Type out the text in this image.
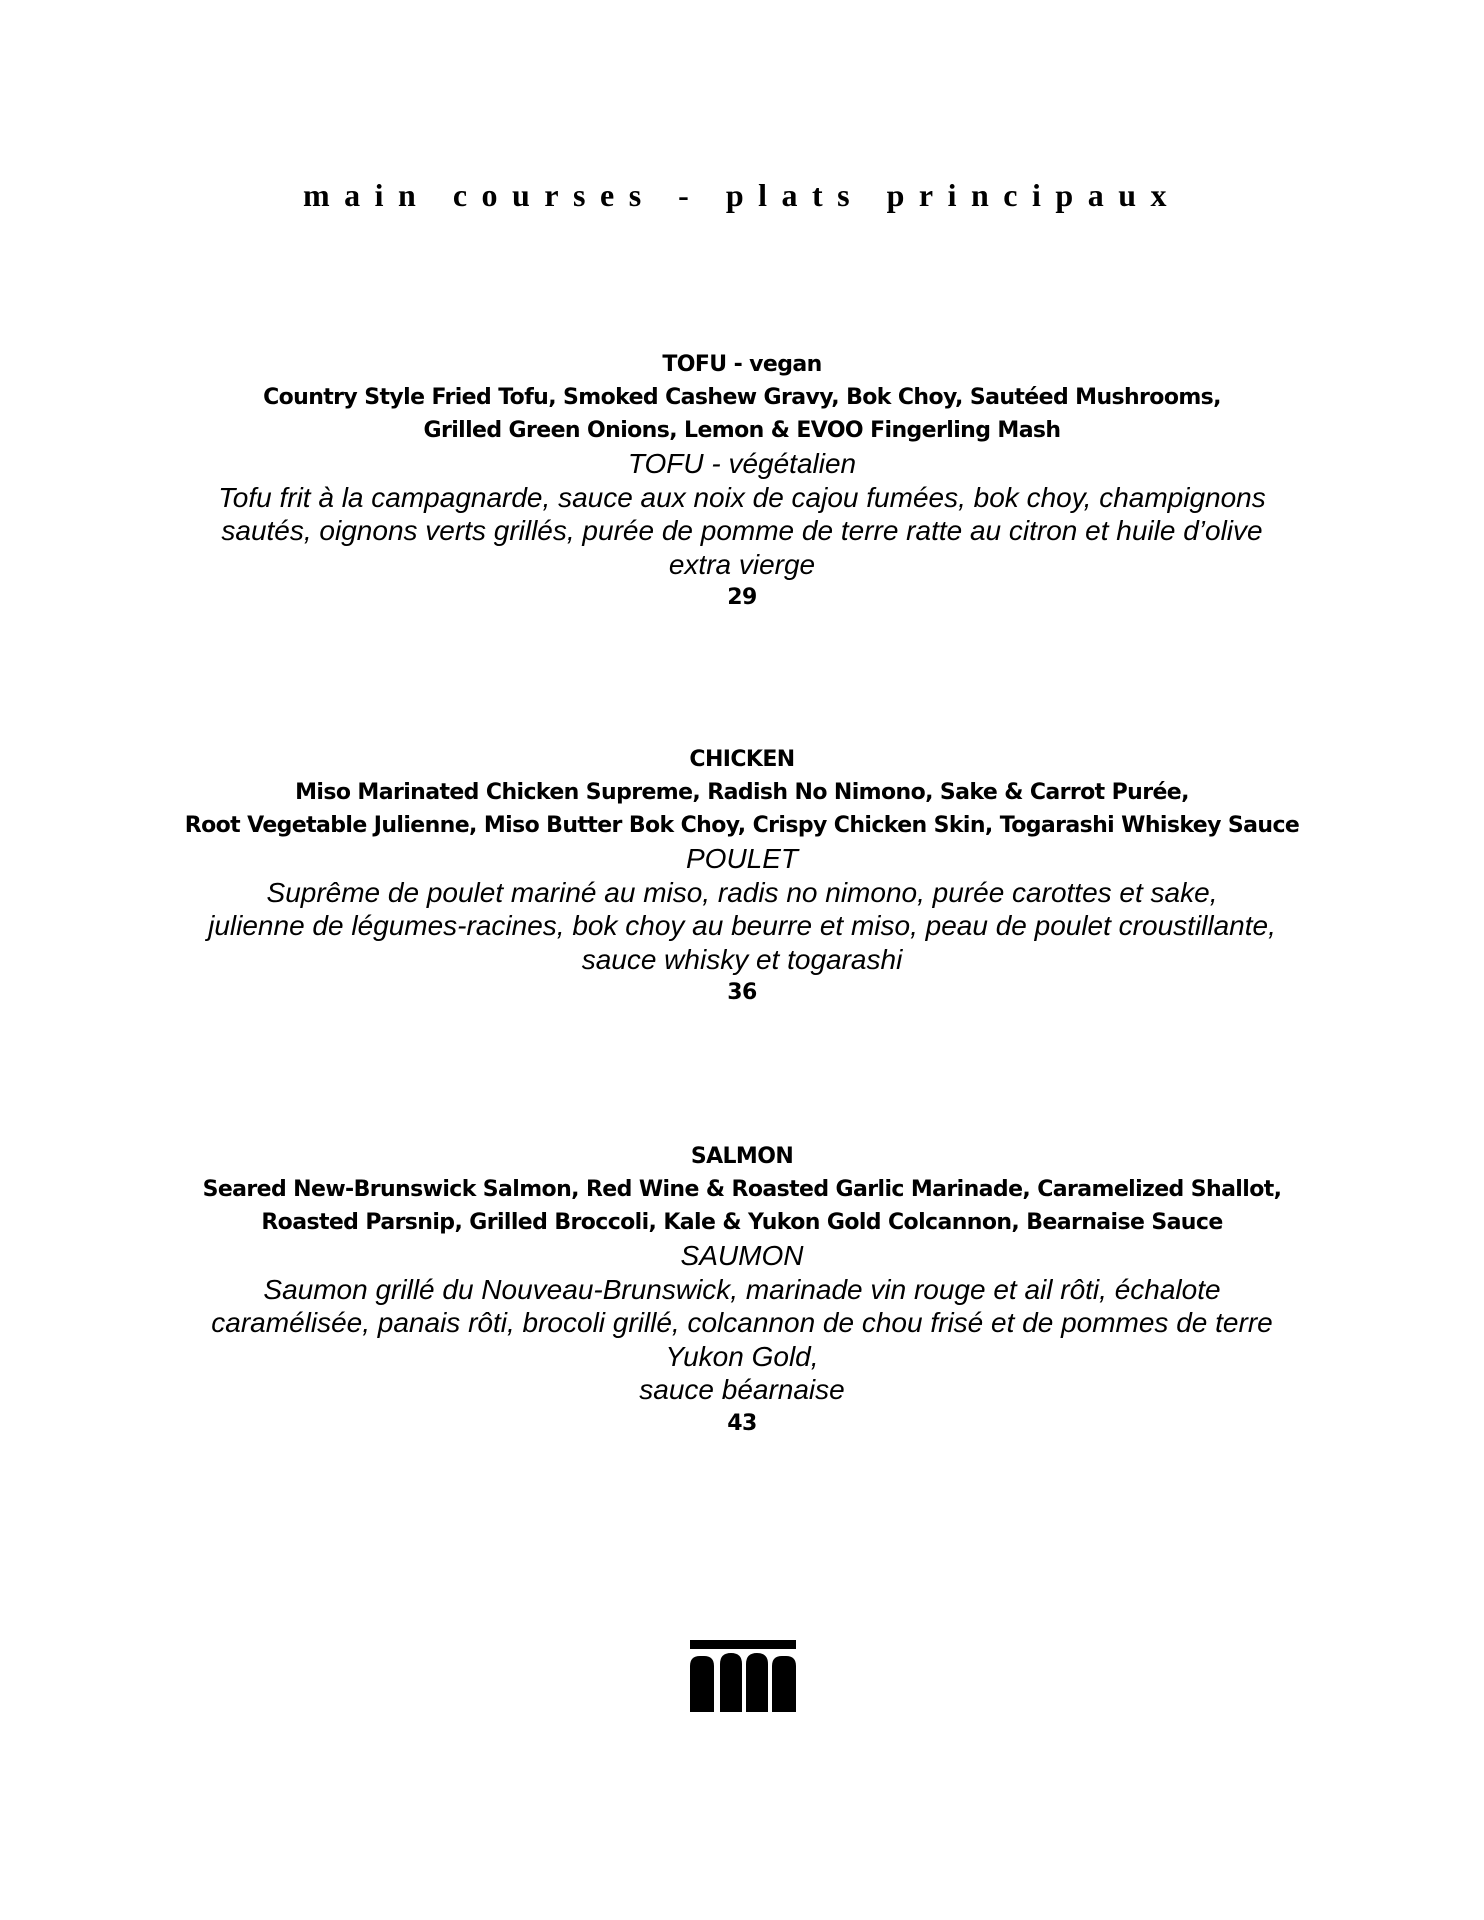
main courses - plats principaux
TOFU - vegan
Country Style Fried Tofu, Smoked Cashew Gravy, Bok Choy, Sautéed Mushrooms,
Grilled Green Onions, Lemon & EVOO Fingerling Mash
TOFU - végétalien
Tofu frit à la campagnarde, sauce aux noix de cajou fumées, bok choy, champignons
sautés, oignons verts grillés, purée de pomme de terre ratte au citron et huile d’olive
extra vierge
29
CHICKEN
Miso Marinated Chicken Supreme, Radish No Nimono, Sake & Carrot Purée,
Root Vegetable Julienne, Miso Butter Bok Choy, Crispy Chicken Skin, Togarashi Whiskey Sauce
POULET
Suprême de poulet mariné au miso, radis no nimono, purée carottes et sake,
julienne de légumes-racines, bok choy au beurre et miso, peau de poulet croustillante,
sauce whisky et togarashi
36
SALMON
Seared New-Brunswick Salmon, Red Wine & Roasted Garlic Marinade, Caramelized Shallot,
Roasted Parsnip, Grilled Broccoli, Kale & Yukon Gold Colcannon, Bearnaise Sauce
SAUMON
Saumon grillé du Nouveau-Brunswick, marinade vin rouge et ail rôti, échalote
caramélisée, panais rôti, brocoli grillé, colcannon de chou frisé et de pommes de terre
Yukon Gold,
sauce béarnaise
43
